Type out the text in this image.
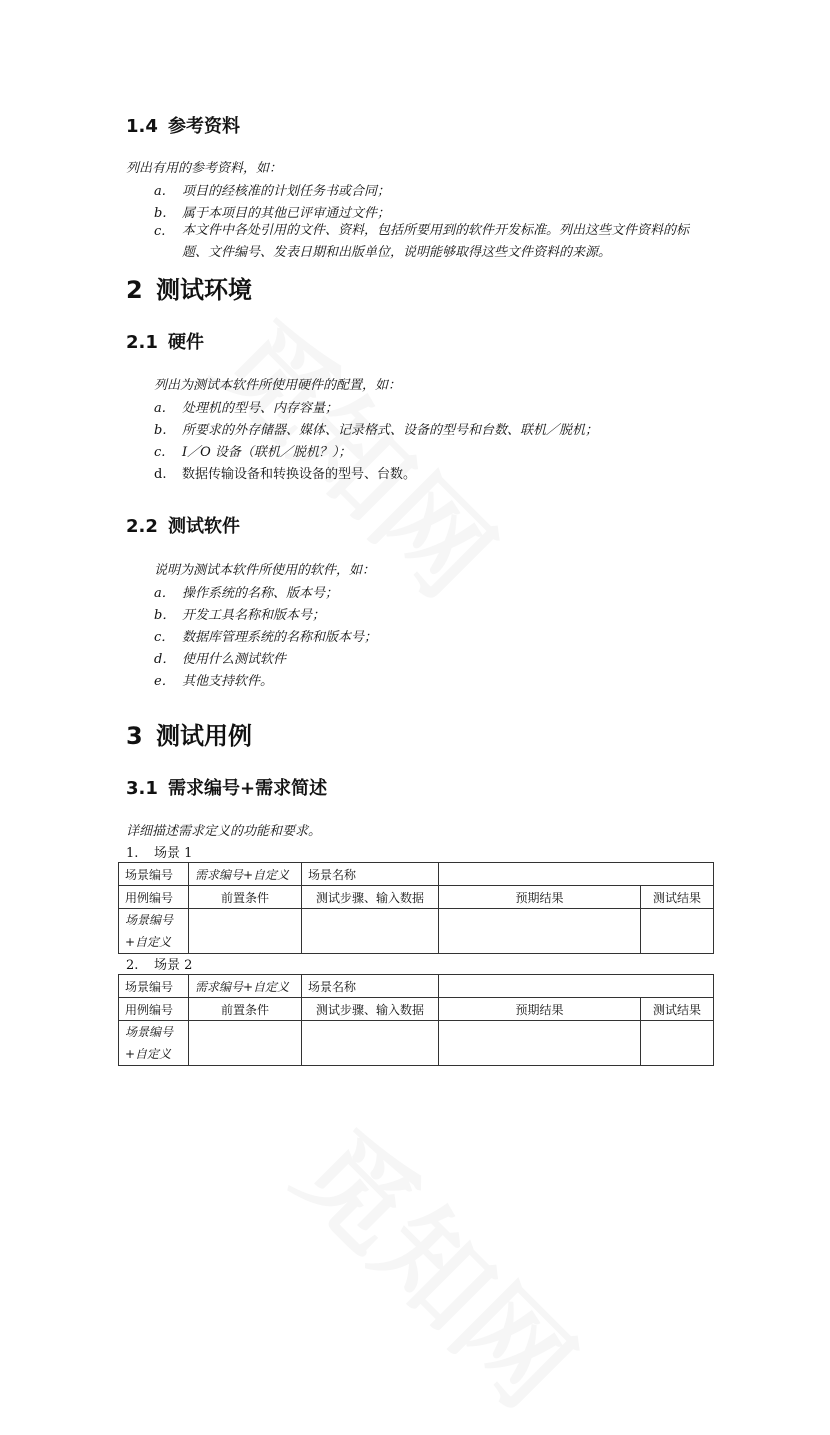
1.4 参考资料
列出有用的参考资料，如：
a. 项目的经核准的计划任务书或合同；
b. 属于本项目的其他已评审通过文件；
c.	本文件中各处引用的文件、资料，包括所要用到的软件开发标准。列出这些文件资料的标题、文件编号、发表日期和出版单位，说明能够取得这些文件资料的来源。
2 测试环境
2.1 硬件
列出为测试本软件所使用硬件的配置，如：
a. 处理机的型号、内存容量；
b. 所要求的外存储器、媒体、记录格式、设备的型号和台数、联机／脱机；
c. I／O 设备（联机／脱机？）；
d. 数据传输设备和转换设备的型号、台数。
2.2 测试软件
说明为测试本软件所使用的软件，如：
a． 操作系统的名称、版本号；
b． 开发工具名称和版本号；
c． 数据库管理系统的名称和版本号；
d． 使用什么测试软件
e． 其他支持软件。
3 测试用例
3.1 需求编号+需求简述
详细描述需求定义的功能和要求。
1. 场景 1
场景编号	需求编号+自定义	场景名称		
用例编号	前置条件	测试步骤、输入数据	预期结果	测试结果

场景编号
+自定义				

2. 场景 2
场景编号	需求编号+自定义	场景名称		
用例编号	前置条件	测试步骤、输入数据	预期结果	测试结果

场景编号
+自定义				
